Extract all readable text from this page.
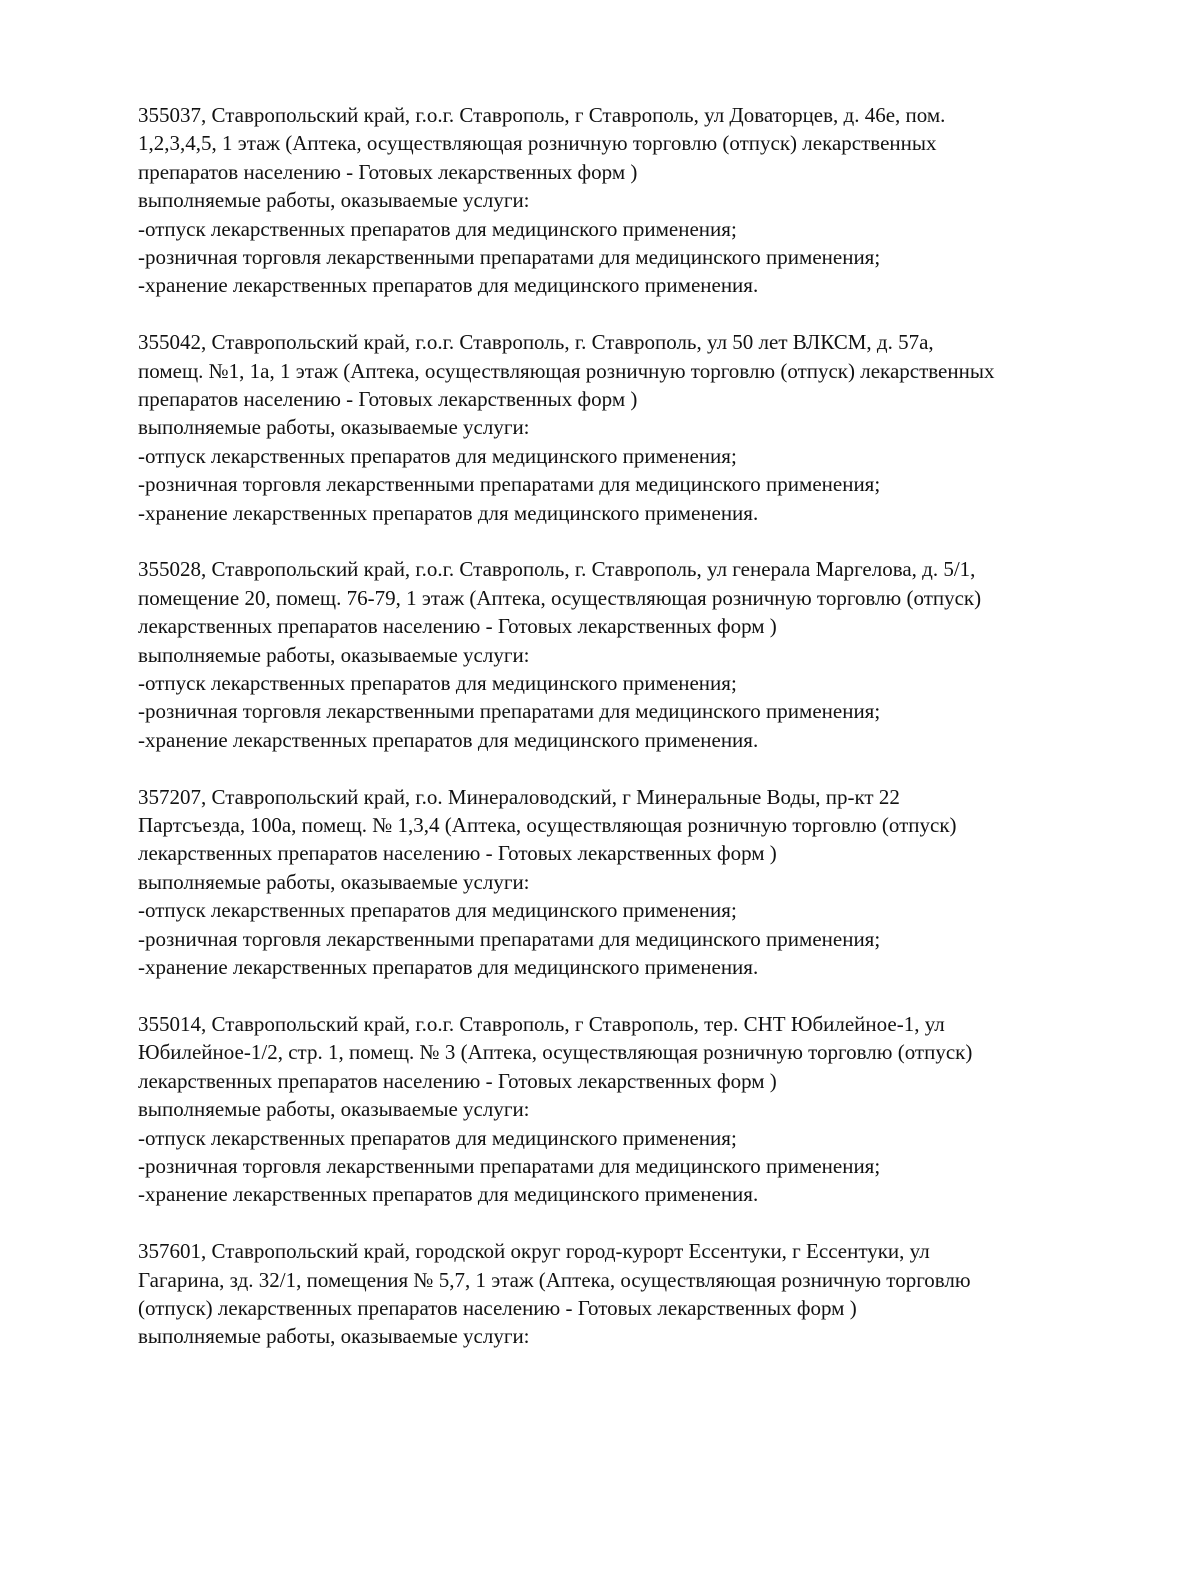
355037, Ставропольский край, г.о.г. Ставрополь, г Ставрополь, ул Доваторцев, д. 46е, пом.
1,2,3,4,5, 1 этаж (Аптека, осуществляющая розничную торговлю (отпуск) лекарственных
препаратов населению - Готовых лекарственных форм )
выполняемые работы, оказываемые услуги:
-отпуск лекарственных препаратов для медицинского применения;
-розничная торговля лекарственными препаратами для медицинского применения;
-хранение лекарственных препаратов для медицинского применения.
355042, Ставропольский край, г.о.г. Ставрополь, г. Ставрополь, ул 50 лет ВЛКСМ, д. 57а,
помещ. №1, 1а, 1 этаж (Аптека, осуществляющая розничную торговлю (отпуск) лекарственных
препаратов населению - Готовых лекарственных форм )
выполняемые работы, оказываемые услуги:
-отпуск лекарственных препаратов для медицинского применения;
-розничная торговля лекарственными препаратами для медицинского применения;
-хранение лекарственных препаратов для медицинского применения.
355028, Ставропольский край, г.о.г. Ставрополь, г. Ставрополь, ул генерала Маргелова, д. 5/1,
помещение 20, помещ. 76-79, 1 этаж (Аптека, осуществляющая розничную торговлю (отпуск)
лекарственных препаратов населению - Готовых лекарственных форм )
выполняемые работы, оказываемые услуги:
-отпуск лекарственных препаратов для медицинского применения;
-розничная торговля лекарственными препаратами для медицинского применения;
-хранение лекарственных препаратов для медицинского применения.
357207, Ставропольский край, г.о. Минераловодский, г Минеральные Воды, пр-кт 22
Партсъезда, 100а, помещ. № 1,3,4 (Аптека, осуществляющая розничную торговлю (отпуск)
лекарственных препаратов населению - Готовых лекарственных форм )
выполняемые работы, оказываемые услуги:
-отпуск лекарственных препаратов для медицинского применения;
-розничная торговля лекарственными препаратами для медицинского применения;
-хранение лекарственных препаратов для медицинского применения.
355014, Ставропольский край, г.о.г. Ставрополь, г Ставрополь, тер. СНТ Юбилейное-1, ул
Юбилейное-1/2, стр. 1, помещ. № 3 (Аптека, осуществляющая розничную торговлю (отпуск)
лекарственных препаратов населению - Готовых лекарственных форм )
выполняемые работы, оказываемые услуги:
-отпуск лекарственных препаратов для медицинского применения;
-розничная торговля лекарственными препаратами для медицинского применения;
-хранение лекарственных препаратов для медицинского применения.
357601, Ставропольский край, городской округ город-курорт Ессентуки, г Ессентуки, ул
Гагарина, зд. 32/1, помещения № 5,7, 1 этаж (Аптека, осуществляющая розничную торговлю
(отпуск) лекарственных препаратов населению - Готовых лекарственных форм )
выполняемые работы, оказываемые услуги:
